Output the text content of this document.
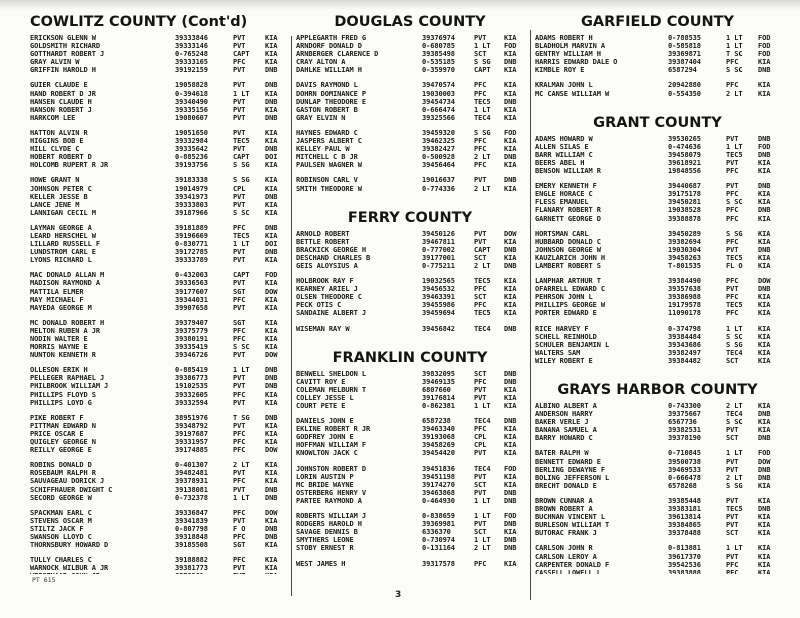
COWLITZ COUNTY (Cont'd)
ERICKSON GLENN W	39333846	PVT	KIA
GOLDSMITH RICHARD	39333146	PVT	KIA
GOTTHARDT ROBERT J	0-765248	CAPT	KIA
GRAY ALVIN W	39333165	PFC	KIA
GRIFFIN HAROLD H	39192159	PVT	DNB
GUIER CLAUDE E	19058828	PVT	DNB
HAND ROBERT D JR	0-394618	1 LT	KIA
HANSEN CLAUDE H	39340490	PVT	DNB
HANSON ROBERT J	39335156	PVT	KIA
HARKCOM LEE	19080607	PVT	DNB
HATTON ALVIN R	19051650	PVT	KIA
HIGGINS BOB E	39332984	TEC5	KIA
HILL CLYDE C	39335642	PVT	DNB
HOBERT ROBERT D	0-885236	CAPT	DOI
HOLCOMB RUPERT R JR	39193756	S SG	KIA
HOWE GRANT N	39183338	S SG	KIA
JOHNSON PETER C	19014979	CPL	KIA
KELLER JESSE B	39341973	PVT	DNB
LANCE JENE M	39333803	PVT	KIA
LANNIGAN CECIL M	39187966	S SC	KIA
LAYMAN GEORGE A	39181889	PFC	DNB
LEARD HERSCHEL W	39196669	TEC5	KIA
LILLARD RUSSELL F	0-830771	1 LT	DOI
LUNDSTROM CARL E	39172785	PVT	DNB
LYONS RICHARD L	39333789	PVT	KIA
MAC DONALD ALLAN M	0-432003	CAPT	FOD
MADISON RAYMOND A	39336563	PVT	KIA
MATTILA ELMER	39177607	SGT	DOW
MAY MICHAEL F	39344031	PFC	KIA
MAYEDA GEORGE M	39907658	PVT	KIA
MC DONALD ROBERT H	39379407	SGT	KIA
MELTON RUBEN A JR	39375779	PFC	KIA
NODIN WALTER E	39380191	PFC	KIA
MORRIS WAYNE E	39335419	S SC	KIA
NUNTON KENNETH R	39346726	PVT	DOW
OLLESON ERIK H	0-885419	1 LT	DNB
PELLEGER RAPHAEL J	39386773	PVT	DNB
PHILBROOK WILLIAM J	19102535	PVT	DNB
PHILLIPS FLOYD S	39332605	PFC	KIA
PHILLIPS LOYD G	39332594	PVT	KIA
PIKE ROBERT F	38951976	T SG	DNB
PITTMAN EDWARD N	39348792	PVT	KIA
PRICE OSCAR E	39197687	PFC	KIA
QUIGLEY GEORGE N	39331957	PFC	KIA
REILLY GEORGE E	39174885	PFC	DOW
ROBINS DONALD D	0-401307	2 LT	KIA
ROSEBAUM RALPH R	39482481	PVT	KIA
SAUVAGEAU DORICK J	39378931	PFC	KIA
SCHIFFHAUER DWIGHT C	39138081	PVT	DNB
SECORD GEORGE W	0-732378	1 LT	DNB
SPACKMAN EARL C	39336847	PFC	DOW
STEVENS OSCAR M	39341839	PVT	KIA
STILTZ JACK F	0-807798	F O	DNB
SWANSON LLOYD C	39318848	PFC	DNB
THORNSBURY HOWARD D	39185508	SGT	KIA
TULLY CHARLES C	39188882	PFC	KIA
WARNOCK WILBUR A JR	39381773	PVT	KIA
DOUGLAS COUNTY
APPLEGARTH FRED G	39376974	PVT	KIA
ARNDORF DONALD D	0-680785	1 LT	FOD
ARNBERGER CLARENCE D	39385498	SCT	KIA
CRAY ALTON A	0-535185	S SG	DNB
DAHLKE WILLIAM H	0-359970	CAPT	KIA
DAVIS RAYMOND L	39470574	PFC	KIA
DOHRN DOMINANCE P	19030003	PFC	KIA
DUNLAP THEODORE E	39454734	TEC5	DNB
GASTON ROBERT B	0-666474	1 LT	KIA
GRAY ELVIN N	39325566	TEC4	KIA
HAYNES EDWARD C	39459320	S SG	FOD
JASPERS ALBERT C	39462325	PFC	KIA
KELLEY PAUL W	39382427	PFC	KIA
MITCHELL C B JR	0-500928	2 LT	DNB
PAULSEN WAGNER W	39456464	PFC	KIA
ROBINSON CARL V	19016637	PVT	DNB
SMITH THEODORE W	0-774336	2 LT	KIA
FERRY COUNTY
ARNOLD ROBERT	39450126	PVT	DOW
BETTLE ROBERT	39467811	PVT	KIA
BRACKICK GEORGE H	0-777002	CAPT	DNB
DESCHAND CHARLES B	39177001	SCT	KIA
GEIS ALOYSIUS A	0-775211	2 LT	DNB
HOLBROOK RAY F	19032565	TEC5	KIA
KEARNEY ARIEL J	39456532	PFC	KIA
OLSEN THEODORE C	39463391	SCT	KIA
PECK OTIS C	39455986	PFC	KIA
SANDAINE ALBERT J	39459694	TEC5	KIA
WISEMAN RAY W	39456842	TEC4	DNB
FRANKLIN COUNTY
BENWELL SHELDON L	39832095	SCT	DNB
CAVITT ROY E	39469135	PFC	DNB
COLEMAN MELBURN T	6807660	PVT	KIA
COLLEY JESSE L	39176814	PVT	KIA
COURT PETE E	0-862381	1 LT	KIA
DANIELS JOHN E	6587238	TEC4	DNB
EKLINE ROBERT R JR	39463340	PFC	KIA
GODFREY JOHN E	39193068	CPL	KIA
HOFFMAN WILLIAM F	39458269	CPL	KIA
KNOWLTON JACK C	39454420	PVT	KIA
JOHNSTON ROBERT D	39451836	TEC4	FOD
LORIN AUSTIN P	39451198	PVT	KIA
MC BRIDE WAYNE	39174270	SCT	KIA
OSTERBERG HENRY V	39463868	PVT	DNB
PARTEE RAYMOND A	0-464930	1 LT	DNB
ROBERTS WILLIAM J	0-838659	1 LT	FOD
RODGERS HAROLD H	39369981	PVT	DNB
SAVAGE DENNIS B	6336370	SCT	KIA
SMYTHERS LEONE	0-730974	1 LT	DNB
STOBY ERNEST R	0-131164	2 LT	DNB
WEST JAMES H	39317578	PFC	KIA
GARFIELD COUNTY
ADAMS ROBERT H	0-788535	1 LT	FOD
BLADHOLM MARVIN A	0-585818	1 LT	FOD
GENTRY WILLIAM H	39369871	T SC	FOD
HARRIS EDWARD DALE O	39387404	PFC	KIA
KIMBLE ROY E	6587294	S SC	DNB
KRALMAN JOHN L	20942880	PFC	KIA
MC CANSE WILLIAM W	0-554350	2 LT	KIA
GRANT COUNTY
ADAMS HOWARD W	39530265	PVT	DNB
ALLEN SILAS E	0-474636	1 LT	FOD
BARR WILLIAM C	39458079	TEC5	DNB
BEERS ABEL H	39618921	PVT	KIA
BENSON WILLIAM R	19848556	PFC	KIA
EMERY KENNETH F	39440687	PVT	DNB
ENGLE HORACE C	39175178	PFC	KIA
FLESS EMANUEL	39450281	S SC	KIA
FLANARY ROBERT R	19038528	PFC	DNB
GARNETT GEORGE D	39388878	PFC	KIA
HORTSMAN CARL	39450289	S SG	KIA
HUBBARD DONALD C	39382694	PFC	KIA
JOHNSON GEORGE W	19030304	PVT	DNB
KAUZLARICH JOHN H	39458263	TEC5	KIA
LAMBERT ROBERT S	T-801535	FL O	KIA
LANPHAR ARTHUR T	39384490	PFC	DOW
OFARRELL EDWARD C	39357638	PVT	DNB
PEHRSON JOHN L	39386988	PFC	KIA
PHILLIPS GEORGE W	19179578	TEC5	KIA
PORTER EDWARD E	11090178	PFC	KIA
RICE HARVEY F	0-374798	1 LT	KIA
SCHELL REINHOLD	39384484	S SC	KIA
SCHULER BENJAMIN L	39343686	S SG	KIA
WALTERS SAM	39382497	TEC4	KIA
WILEY ROBERT E	39384482	SCT	KIA
GRAYS HARBOR COUNTY
ALBINO ALBERT A	0-743300	2 LT	KIA
ANDERSON HARRY	39375667	TEC4	DNB
BAKER VERLE J	6567736	S SC	KIA
BANANA SAMUEL A	39382531	PVT	KIA
BARRY HOWARD C	39378190	SCT	DNB
BATER RALPH W	0-710845	1 LT	FOD
BENNETT EDWARD E	39500738	PVT	DOW
BERLING DEWAYNE F	39469533	PVT	DNB
BOLING JEFFERSON L	0-666478	2 LT	DNB
BRECHT DONALD E	6578268	S SG	KIA
BROWN CUNNAR A	39385448	PVT	KIA
BROWN ROBERT A	39383181	TEC5	DNB
BUCHNAN VINCENT L	39613814	PVT	KIA
BURLESON WILLIAM T	39384865	PVT	KIA
BUTORAC FRANK J	39378488	SCT	KIA
CARLSON JOHN R	0-813881	1 LT	KIA
CARLSON LEROY A	39617370	PVT	KIA
CARPENTER DONALD F	39542536	PFC	KIA
CASSELL LOWELL L	39383888	PFC	KIA
PT 615
3
